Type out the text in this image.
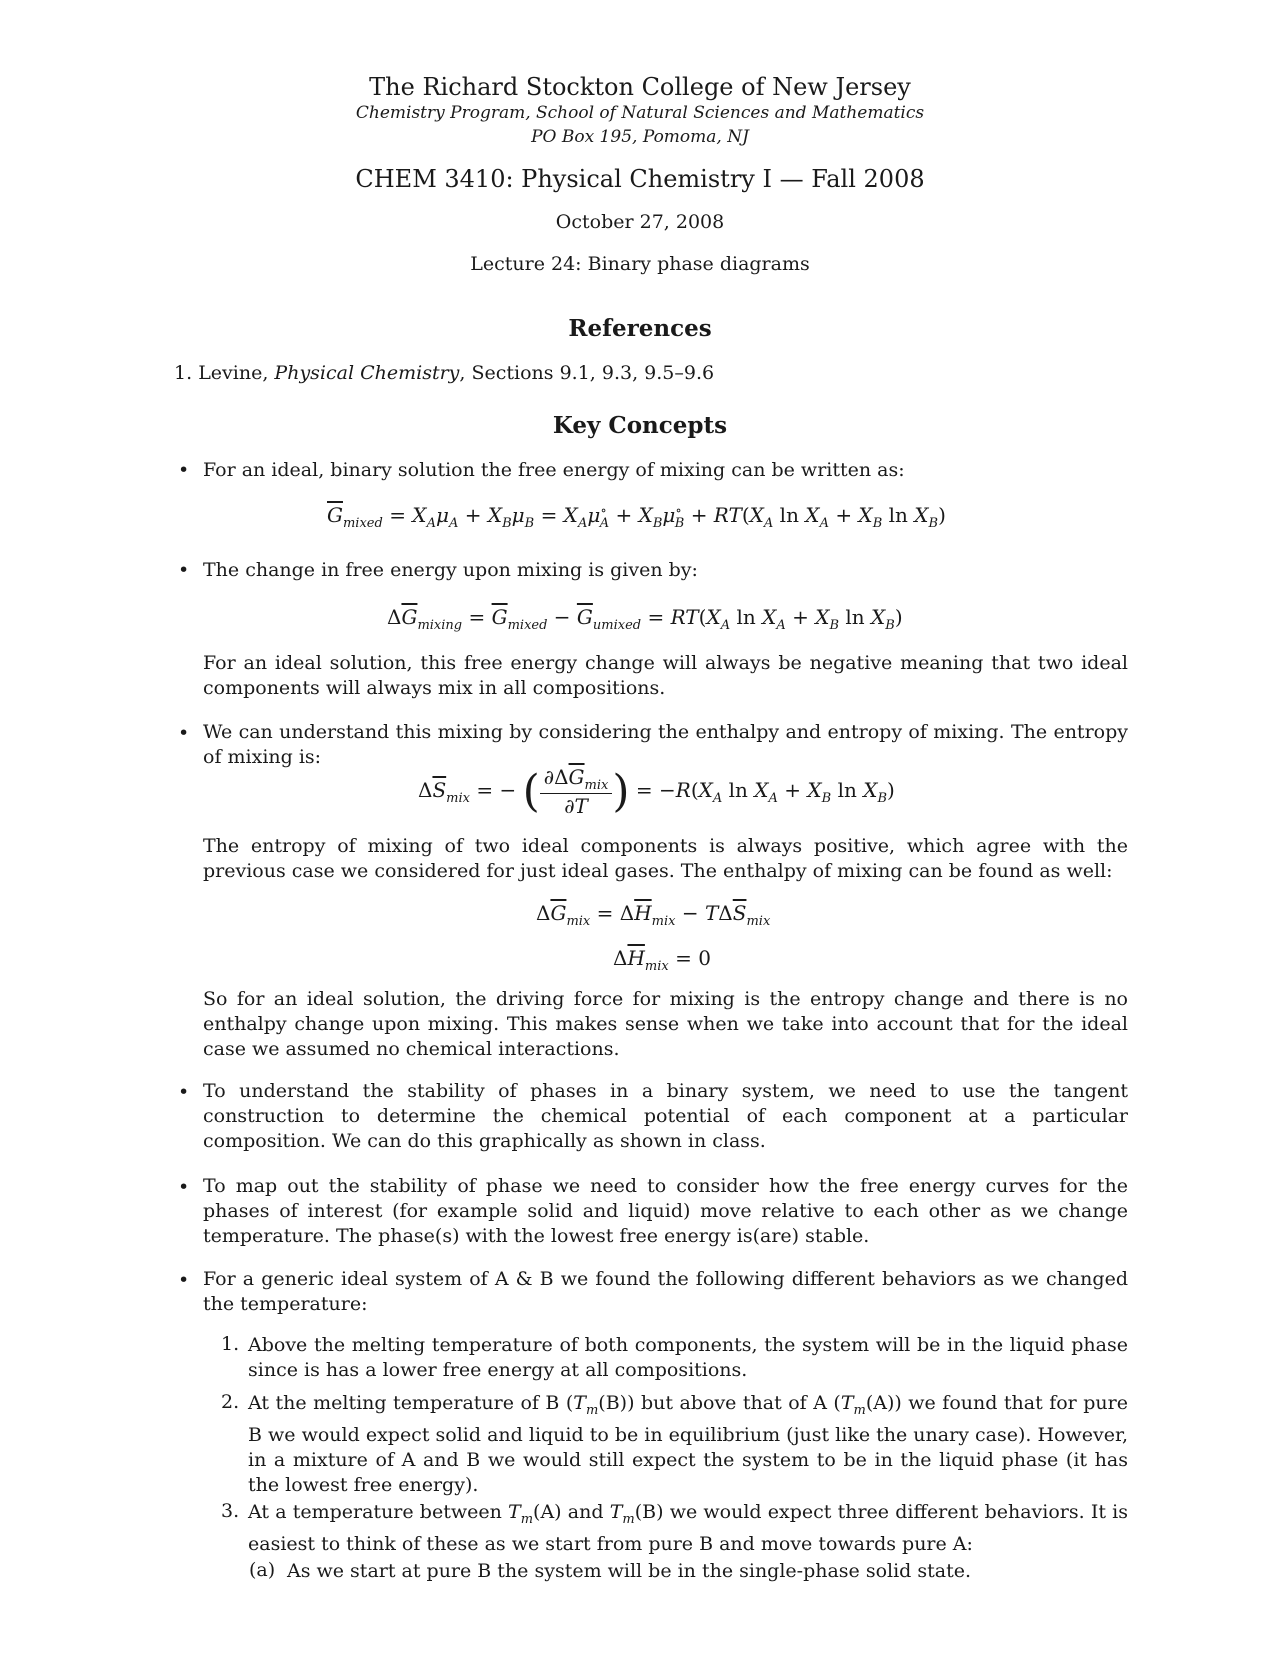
The Richard Stockton College of New Jersey
Chemistry Program, School of Natural Sciences and Mathematics
PO Box 195, Pomoma, NJ
CHEM 3410: Physical Chemistry I — Fall 2008
October 27, 2008
Lecture 24: Binary phase diagrams
References
1. Levine, Physical Chemistry, Sections 9.1, 9.3, 9.5–9.6
Key Concepts
• For an ideal, binary solution the free energy of mixing can be written as:
$\overline{G}_{mixed} = X_A\mu_A + X_B\mu_B = X_A\mu^\circ_A + X_B\mu^\circ_B + RT(X_A$ $\ln X_A + X_B$ $\ln X_B$)
• The change in free energy upon mixing is given by:
$\Delta\overline{G}_{mixing} = \overline{G}_{mixed} - \overline{G}_{umixed} = RT(X_A$ $\ln X_A + X_B$ $\ln X_B$)
For an ideal solution, this free energy change will always be negative meaning that two ideal components will always mix in all compositions.
• We can understand this mixing by considering the enthalpy and entropy of mixing. The entropy of mixing is:
$\Delta\overline{S}_{mix}$ = − ( $\frac{\partial\Delta\overline{G}_{mix}}{\partial T}$ ) = $-R(X_A$ $\ln X_A + X_B$ $\ln X_B$)
The entropy of mixing of two ideal components is always positive, which agree with the previous case we considered for just ideal gases. The enthalpy of mixing can be found as well:
$\Delta\overline{G}_{mix} = \Delta\overline{H}_{mix} - T\Delta\overline{S}_{mix}$
$\Delta\overline{H}_{mix} = 0$
So for an ideal solution, the driving force for mixing is the entropy change and there is no enthalpy change upon mixing. This makes sense when we take into account that for the ideal case we assumed no chemical interactions.
• To understand the stability of phases in a binary system, we need to use the tangent construction to determine the chemical potential of each component at a particular composition. We can do this graphically as shown in class.
• To map out the stability of phase we need to consider how the free energy curves for the phases of interest (for example solid and liquid) move relative to each other as we change temperature. The phase(s) with the lowest free energy is(are) stable.
• For a generic ideal system of A & B we found the following different behaviors as we changed the temperature:
1. Above the melting temperature of both components, the system will be in the liquid phase since is has a lower free energy at all compositions.
2. At the melting temperature of B $(T_m(B))$ but above that of A $(T_m(A))$ we found that for pure B we would expect solid and liquid to be in equilibrium (just like the unary case). However, in a mixture of A and B we would still expect the system to be in the liquid phase (it has the lowest free energy).
3. At a temperature between $T_m(A)$ and $T_m(B)$ we would expect three different behaviors. It is easiest to think of these as we start from pure B and move towards pure A:
(a) As we start at pure B the system will be in the single-phase solid state.
